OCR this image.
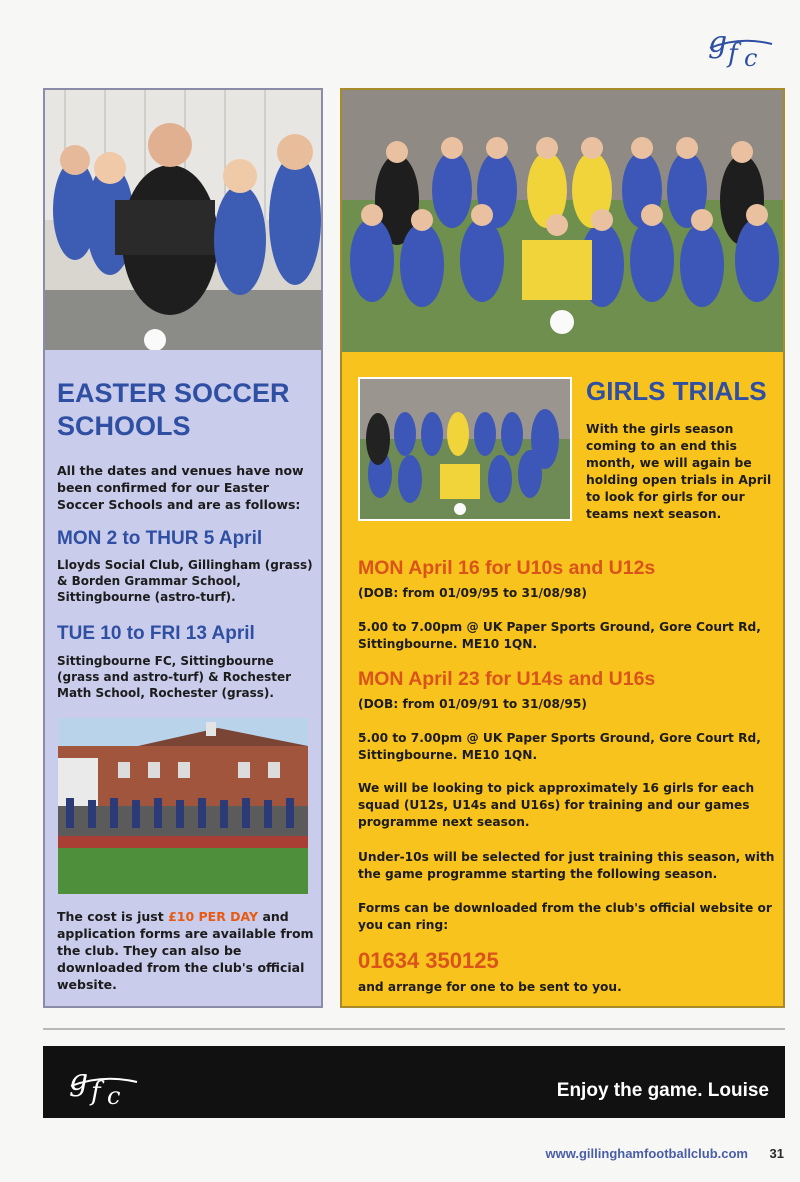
g f c
EASTER SOCCER
SCHOOLS

All the dates and venues have now been confirmed for our Easter Soccer Schools and are as follows:

MON 2 to THUR 5 April

Lloyds Social Club, Gillingham (grass) & Borden Grammar School, Sittingbourne (astro-turf).

TUE 10 to FRI 13 April

Sittingbourne FC, Sittingbourne (grass and astro-turf) & Rochester Math School, Rochester (grass).

The cost is just £10 PER DAY and application forms are available from the club. They can also be downloaded from the club's official website.

GIRLS TRIALS

With the girls season coming to an end this month, we will again be holding open trials in April to look for girls for our teams next season.

MON April 16 for U10s and U12s

(DOB: from 01/09/95 to 31/08/98)

5.00 to 7.00pm @ UK Paper Sports Ground, Gore Court Rd, Sittingbourne. ME10 1QN.

MON April 23 for U14s and U16s

(DOB: from 01/09/91 to 31/08/95)

5.00 to 7.00pm @ UK Paper Sports Ground, Gore Court Rd, Sittingbourne. ME10 1QN.

We will be looking to pick approximately 16 girls for each squad (U12s, U14s and U16s) for training and our games programme next season.

Under-10s will be selected for just training this season, with the game programme starting the following season.

Forms can be downloaded from the club's official website or you can ring:

01634 350125

and arrange for one to be sent to you.

g f c	Enjoy the game. Louise

www.gillinghamfootballclub.com 31
